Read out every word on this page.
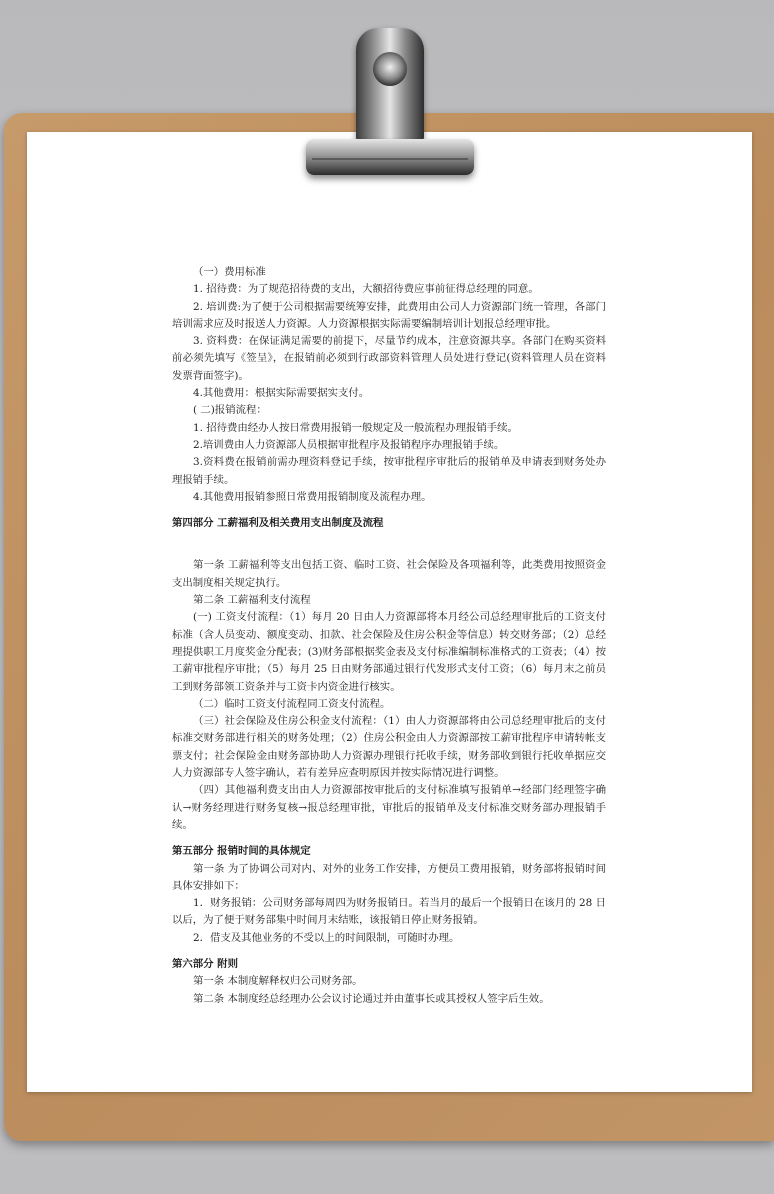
（一）费用标准

1. 招待费：为了规范招待费的支出，大额招待费应事前征得总经理的同意。

2. 培训费:为了便于公司根据需要统筹安排，此费用由公司人力资源部门统一管理，各部门培训需求应及时报送人力资源。人力资源根据实际需要编制培训计划报总经理审批。

3. 资料费：在保证满足需要的前提下，尽量节约成本，注意资源共享。各部门在购买资料前必须先填写《签呈》，在报销前必须到行政部资料管理人员处进行登记(资料管理人员在资料发票背面签字)。

4.其他费用：根据实际需要据实支付。

( 二)报销流程：

1. 招待费由经办人按日常费用报销一般规定及一般流程办理报销手续。

2.培训费由人力资源部人员根据审批程序及报销程序办理报销手续。

3.资料费在报销前需办理资料登记手续，按审批程序审批后的报销单及申请表到财务处办理报销手续。

4.其他费用报销参照日常费用报销制度及流程办理。

第四部分 工薪福利及相关费用支出制度及流程

第一条 工薪福利等支出包括工资、临时工资、社会保险及各项福利等，此类费用按照资金支出制度相关规定执行。

第二条 工薪福利支付流程

(一) 工资支付流程：（1）每月 20 日由人力资源部将本月经公司总经理审批后的工资支付标准（含人员变动、额度变动、扣款、社会保险及住房公积金等信息）转交财务部；（2）总经理提供职工月度奖金分配表；(3)财务部根据奖金表及支付标准编制标准格式的工资表；（4）按工薪审批程序审批；（5）每月 25 日由财务部通过银行代发形式支付工资；（6）每月末之前员工到财务部领工资条并与工资卡内资金进行核实。

（二）临时工资支付流程同工资支付流程。

（三）社会保险及住房公积金支付流程：（1）由人力资源部将由公司总经理审批后的支付标准交财务部进行相关的财务处理；（2）住房公积金由人力资源部按工薪审批程序申请转帐支票支付；社会保险金由财务部协助人力资源办理银行托收手续，财务部收到银行托收单据应交人力资源部专人签字确认，若有差异应查明原因并按实际情况进行调整。

（四）其他福利费支出由人力资源部按审批后的支付标准填写报销单→经部门经理签字确认→财务经理进行财务复核→报总经理审批，审批后的报销单及支付标准交财务部办理报销手续。

第五部分 报销时间的具体规定

第一条 为了协调公司对内、对外的业务工作安排，方便员工费用报销，财务部将报销时间具体安排如下：

1．财务报销：公司财务部每周四为财务报销日。若当月的最后一个报销日在该月的 28 日以后，为了便于财务部集中时间月末结账，该报销日停止财务报销。

2．借支及其他业务的不受以上的时间限制，可随时办理。

第六部分 附则

第一条 本制度解释权归公司财务部。

第二条 本制度经总经理办公会议讨论通过并由董事长或其授权人签字后生效。
